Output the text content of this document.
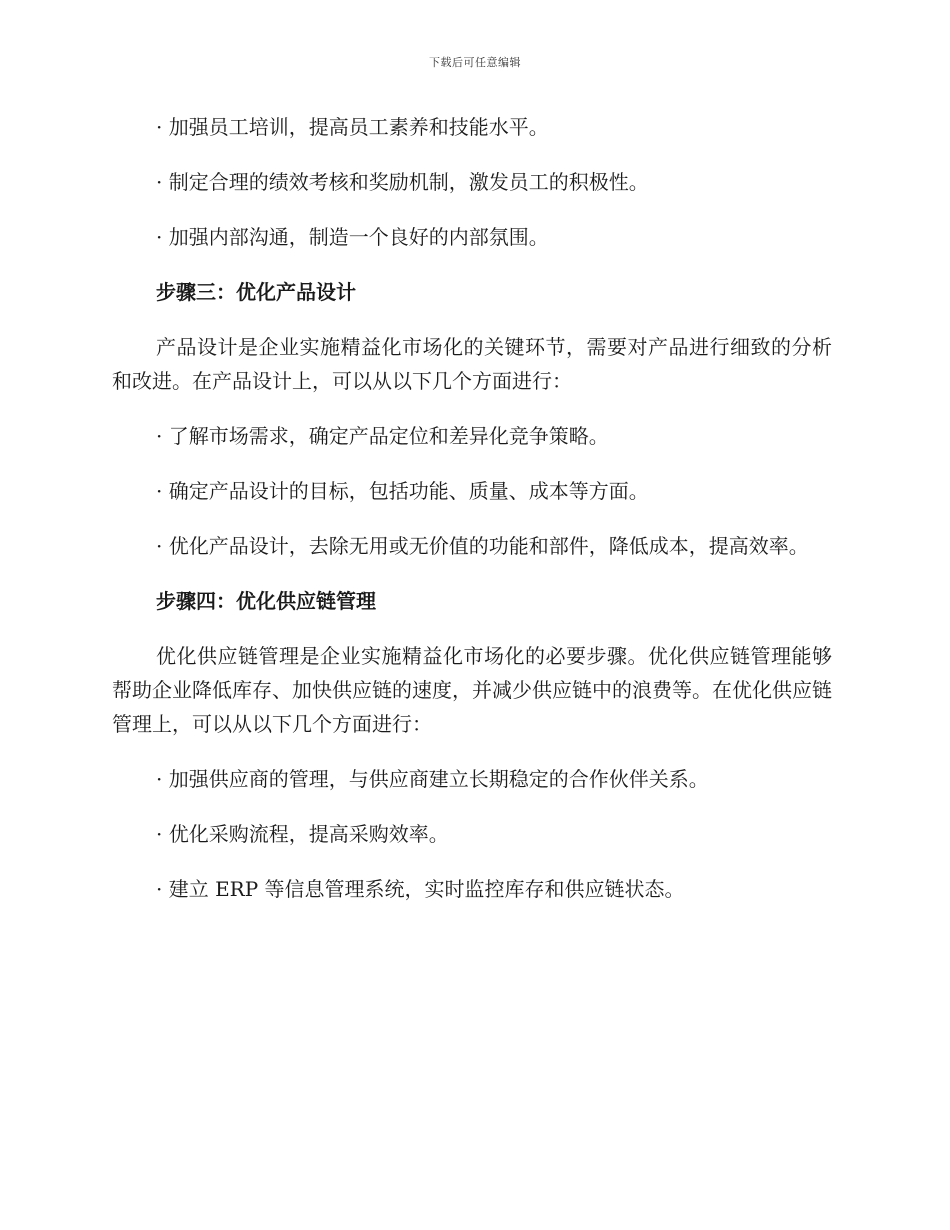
下载后可任意编辑

· 加强员工培训，提高员工素养和技能水平。

· 制定合理的绩效考核和奖励机制，激发员工的积极性。

· 加强内部沟通，制造一个良好的内部氛围。

步骤三：优化产品设计

产品设计是企业实施精益化市场化的关键环节，需要对产品进行细致的分析和改进。在产品设计上，可以从以下几个方面进行：

· 了解市场需求，确定产品定位和差异化竞争策略。

· 确定产品设计的目标，包括功能、质量、成本等方面。

· 优化产品设计，去除无用或无价值的功能和部件，降低成本，提高效率。

步骤四：优化供应链管理

优化供应链管理是企业实施精益化市场化的必要步骤。优化供应链管理能够帮助企业降低库存、加快供应链的速度，并减少供应链中的浪费等。在优化供应链管理上，可以从以下几个方面进行：

· 加强供应商的管理，与供应商建立长期稳定的合作伙伴关系。

· 优化采购流程，提高采购效率。

· 建立 ERP 等信息管理系统，实时监控库存和供应链状态。
